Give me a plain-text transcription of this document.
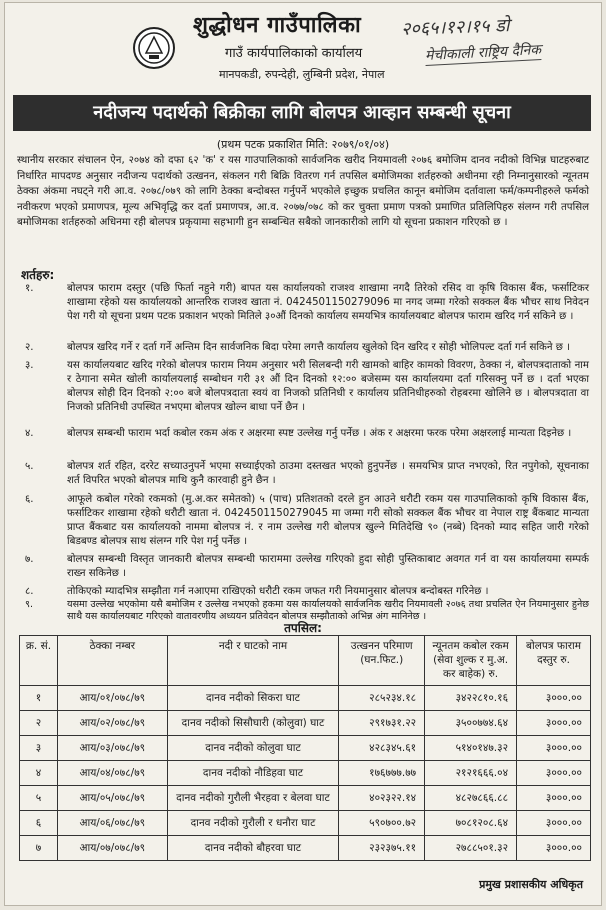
शुद्धोधन गाउँपालिका
गाउँ कार्यपालिकाको कार्यालय
मानपकडी, रुपन्देही, लुम्बिनी प्रदेश, नेपाल
२०६५।१२।१५ डो
मेचीकाली राष्ट्रिय दैनिक
नदीजन्य पदार्थको बिक्रीका लागि बोलपत्र आव्हान सम्बन्धी सूचना
(प्रथम पटक प्रकाशित मिति: २०७९/०१/०४)
स्थानीय सरकार संचालन ऐन, २०७४ को दफा ६२ 'क' र यस गाउपालिकाको सार्वजनिक खरीद नियमावली २०७६ बमोजिम दानव नदीको विभिन्न घाटहरुबाट निर्धारित मापदण्ड अनुसार नदीजन्य पदार्थको उत्खनन, संकलन गरी बिक्रि वितरण गर्न तपसिल बमोजिमका शर्तहरुको अधीनमा रही निम्नानुसारको न्यूनतम ठेक्का अंकमा नघट्ने गरी आ.व. २०७८/०७९ को लागि ठेक्का बन्दोबस्त गर्नुपर्ने भएकोले इच्छुक प्रचलित कानून बमोजिम दर्तावाला फर्म/कम्पनीहरुले फर्मको नवीकरण भएको प्रमाणपत्र, मूल्य अभिवृद्धि कर दर्ता प्रमाणपत्र, आ.व. २०७७/०७८ को कर चुक्ता प्रमाण पत्रको प्रमाणित प्रतिलिपिहरु संलग्न गरी तपसिल बमोजिमका शर्तहरुको अधिनमा रही बोलपत्र प्रकृयामा सहभागी हुन सम्बन्धित सबैको जानकारीको लागि यो सूचना प्रकाशन गरिएको छ ।
शर्तहरु:
१.	बोलपत्र फाराम दस्तुर (पछि फिर्ता नहुने गरी) बापत यस कार्यालयको राजश्व शाखामा नगदै तिरेको रसिद वा कृषि विकास बैंक, फर्साटिकर शाखामा रहेको यस कार्यालयको आन्तरिक राजश्व खाता नं. 0424501150279096 मा नगद जम्मा गरेको सक्कल बैंक भौचर साथ निवेदन पेश गरी यो सूचना प्रथम पटक प्रकाशन भएको मितिले ३०औं दिनको कार्यालय समयभित्र कार्यालयबाट बोलपत्र फाराम खरिद गर्न सकिने छ ।
२.	बोलपत्र खरिद गर्ने र दर्ता गर्ने अन्तिम दिन सार्वजनिक बिदा परेमा लगत्तै कार्यालय खुलेको दिन खरिद र सोही भोलिपल्ट दर्ता गर्न सकिने छ ।
३.	यस कार्यालयबाट खरिद गरेको बोलपत्र फाराम नियम अनुसार भरी सिलबन्दी गरी खामको बाहिर कामको विवरण, ठेक्का नं, बोलपत्रदाताको नाम र ठेगाना समेत खोली कार्यालयलाई सम्बोधन गरी ३१ औं दिन दिनको १२:०० बजेसम्म यस कार्यालयमा दर्ता गरिसक्नु पर्ने छ । दर्ता भएका बोलपत्र सोही दिन दिनको २:०० बजे बोलपत्रदाता स्वयं वा निजको प्रतिनिधी र कार्यालय प्रतिनिधीहरुको रोहबरमा खोलिने छ । बोलपत्रदाता वा निजको प्रतिनिधी उपस्थित नभएमा बोलपत्र खोल्न बाधा पर्ने छैन ।
४.	बोलपत्र सम्बन्धी फाराम भर्दा कबोल रकम अंक र अक्षरमा स्पष्ट उल्लेख गर्नु पर्नेछ । अंक र अक्षरमा फरक परेमा अक्षरलाई मान्यता दिइनेछ ।
५.	बोलपत्र शर्त रहित, दररेट सच्याउनुपर्ने भएमा सच्याईएको ठाउमा दस्तखत भएको हुनुपर्नेछ । समयभित्र प्राप्त नभएको, रित नपुगेको, सूचनाका शर्त विपरित भएको बोलपत्र माथि कुनै कारवाही हुने छैन ।
६.	आफूले कबोल गरेको रकमको (मु.अ.कर समेतको) ५ (पाच) प्रतिशतको दरले हुन आउने धरौटी रकम यस गाउपालिकाको कृषि विकास बैंक, फर्साटिकर शाखामा रहेको धरौटी खाता नं. 0424501150279045 मा जम्मा गरी सोको सक्कल बैंक भौचर वा नेपाल राष्ट्र बैंकबाट मान्यता प्राप्त बैंकबाट यस कार्यालयको नाममा बोलपत्र नं. र नाम उल्लेख गरी बोलपत्र खुल्ने मितिदेखि ९० (नब्बे) दिनको म्याद सहित जारी गरेको बिडबण्ड बोलपत्र साथ संलग्न गरि पेश गर्नु पर्नेछ ।
७.	बोलपत्र सम्बन्धी विस्तृत जानकारी बोलपत्र सम्बन्धी फाराममा उल्लेख गरिएको हुदा सोही पुस्तिकाबाट अवगत गर्न वा यस कार्यालयमा सम्पर्क राख्न सकिनेछ ।
८.	तोकिएको म्यादभित्र सम्झौता गर्न नआएमा राखिएको धरौटी रकम जफत गरी नियमानुसार बोलपत्र बन्दोबस्त गरिनेछ ।
९.	यसमा उल्लेख भएकोमा यसै बमोजिम र उल्लेख नभएको हकमा यस कार्यालयको सार्वजनिक खरीद नियमावली २०७६ तथा प्रचलित ऐन नियमानुसार हुनेछ साथै यस कार्यालयबाट गरिएको वातावरणीय अध्ययन प्रतिवेदन बोलपत्र सम्झौताको अभिन्न अंग मानिनेछ ।
तपसिल:
क्र. सं.	ठेक्का नम्बर	नदी र घाटको नाम	उत्खनन परिमाण (घन.फिट.)	न्यूनतम कबोल रकम (सेवा शुल्क र मु.अ. कर बाहेक) रु.	बोलपत्र फाराम दस्तुर रु.
१	आय/०१/०७८/७९	दानव नदीको सिकरा घाट	२८५२३४.१८	३४२२८१०.१६	३०००.००
२	आय/०२/०७८/७९	दानव नदीको सिसौघारी (कोलुवा) घाट	२९१७३१.२२	३५००७७४.६४	३०००.००
३	आय/०३/०७८/७९	दानव नदीको कोलुवा घाट	४२८३४५.६१	५१४०१४७.३२	३०००.००
४	आय/०४/०७८/७९	दानव नदीको नौडिहवा घाट	१७६७७७.७७	२१२१६६६.०४	३०००.००
५	आय/०५/०७८/७९	दानव नदीको गुरौली भैरहवा र बेलवा घाट	४०२३२२.१४	४८२७८६६.८८	३०००.००
६	आय/०६/०७८/७९	दानव नदीको गुरौली र धनौरा घाट	५९०७००.७२	७०८१२०८.६४	३०००.००
७	आय/०७/०७८/७९	दानव नदीको बौहरवा घाट	२३२३७५.११	२७८८५०१.३२	३०००.००
प्रमुख प्रशासकीय अधिकृत
